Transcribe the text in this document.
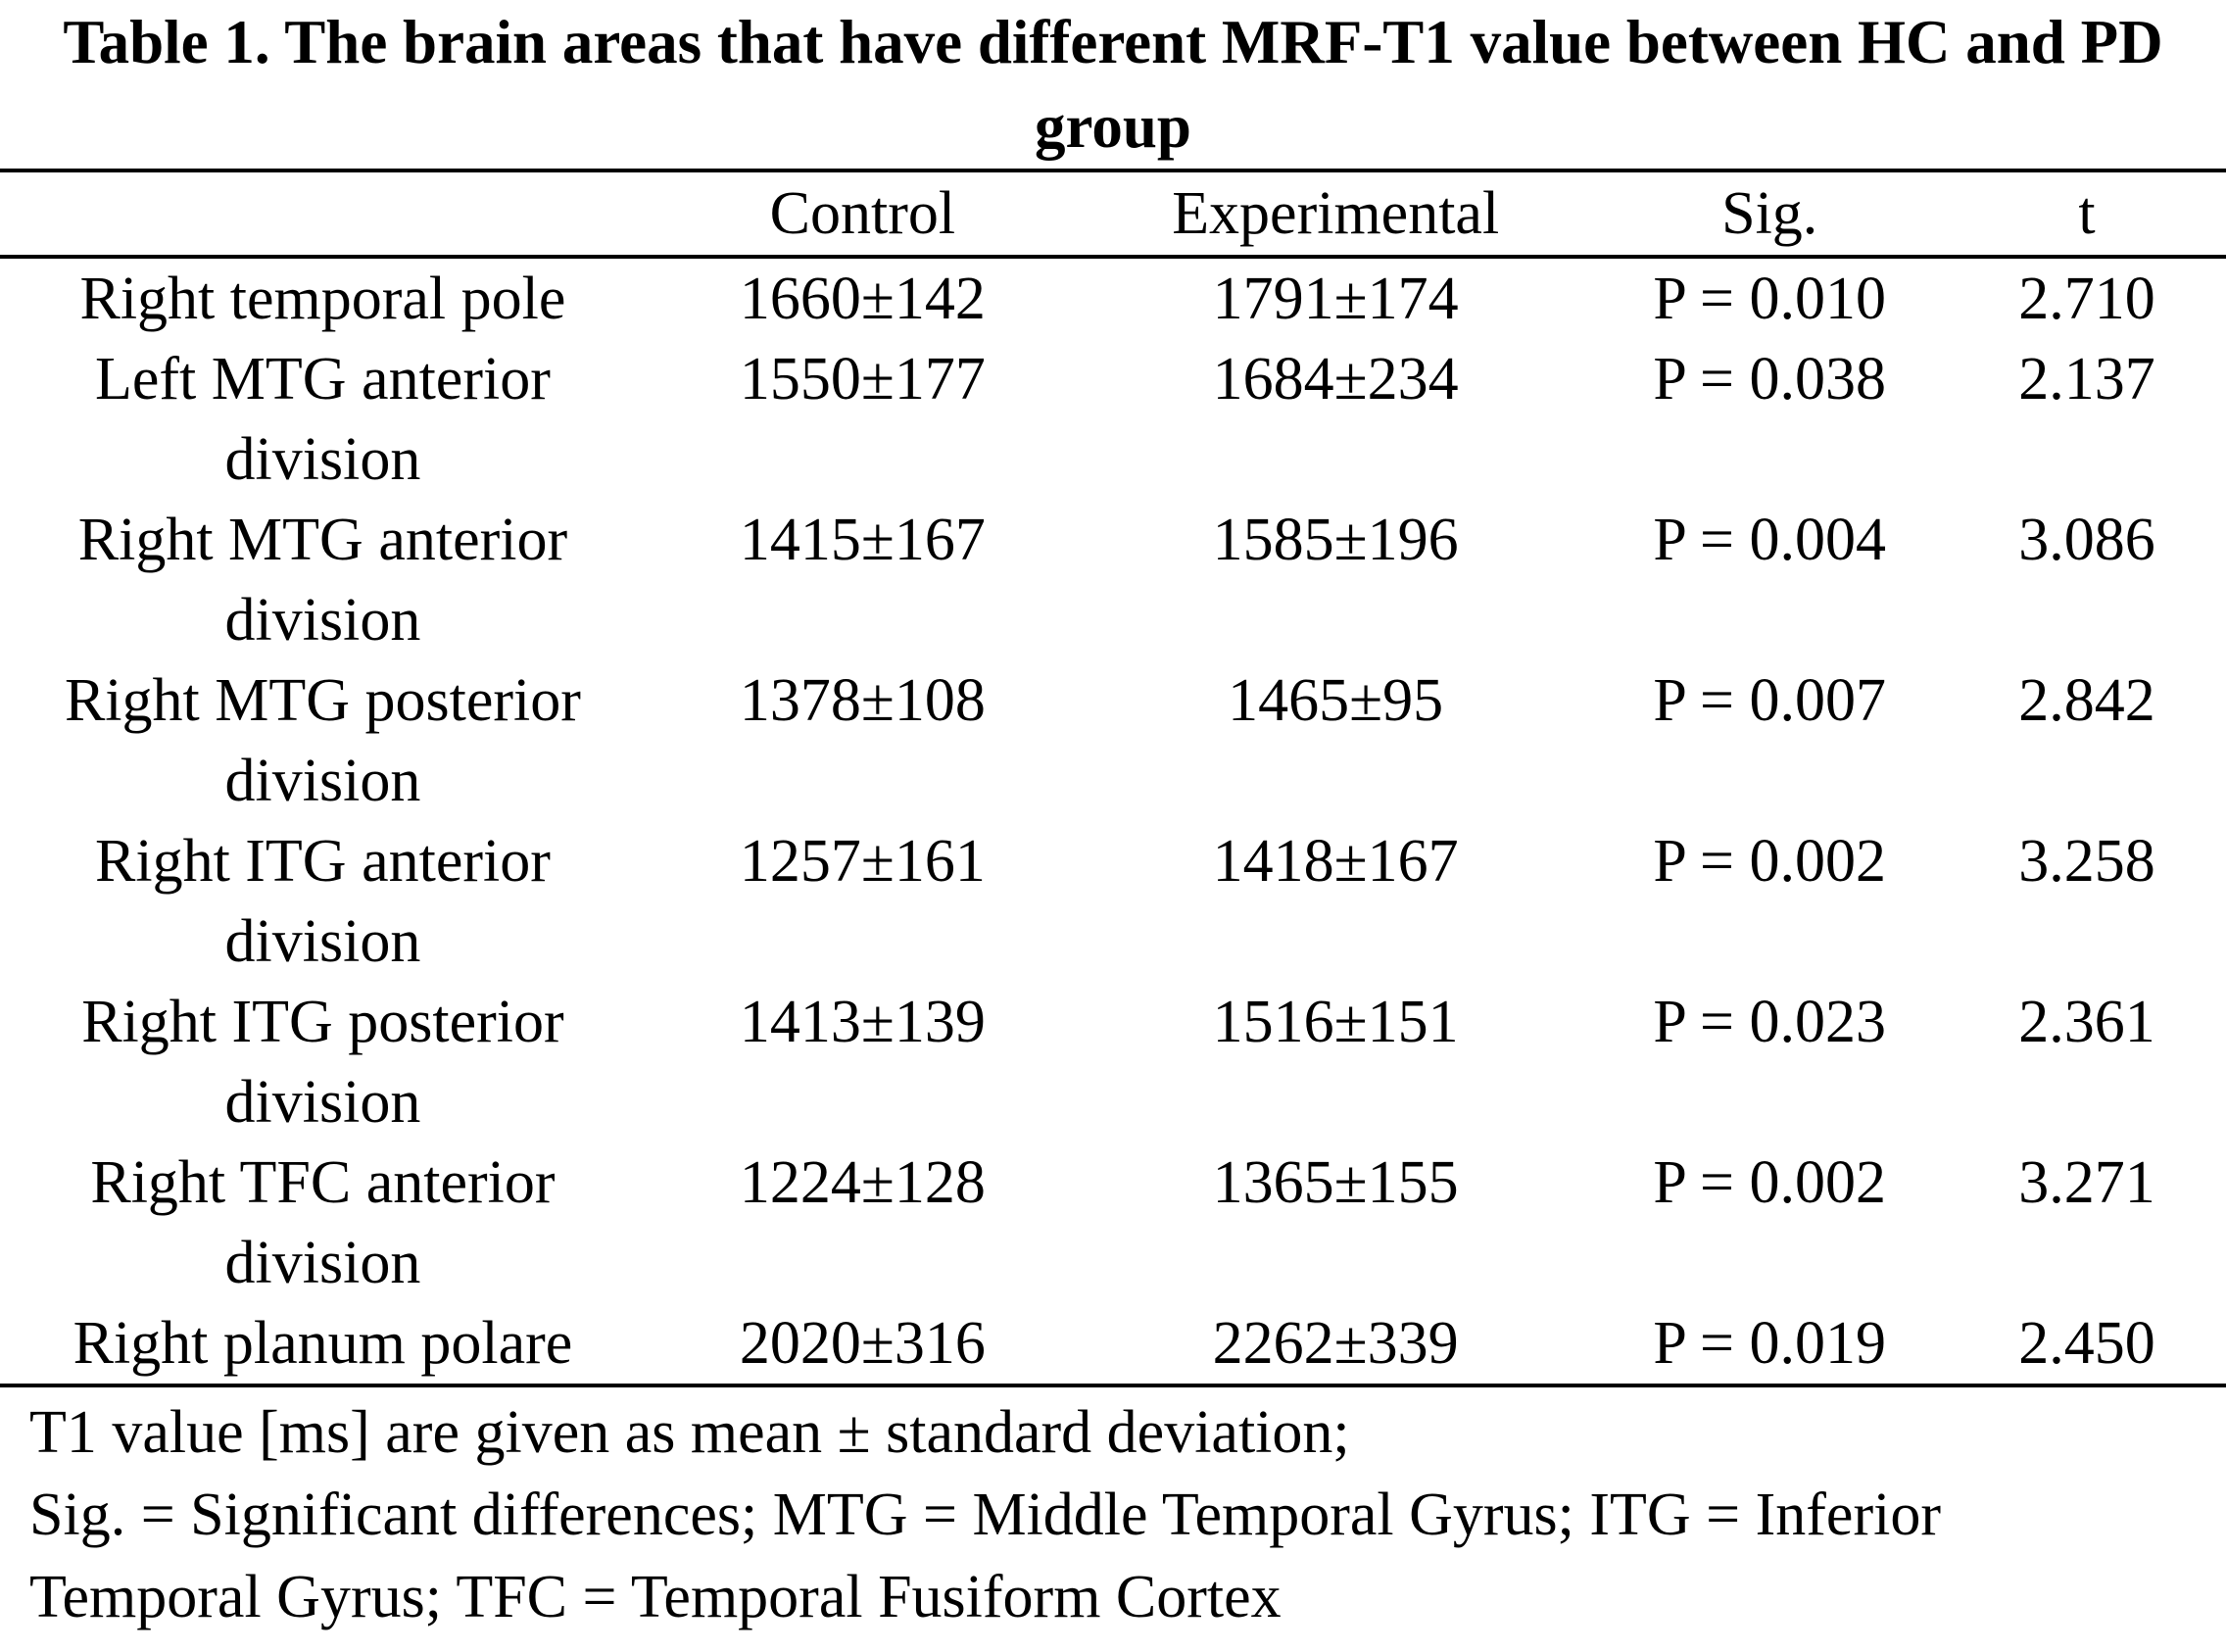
Table 1. The brain areas that have different MRF-T1 value between HC and PD
group
	Control	Experimental	Sig.	t

Right temporal pole	1660±142	1791±174	P = 0.010	2.710

Left MTG anterior
division	1550±177	1684±234	P = 0.038	2.137

Right MTG anterior
division	1415±167	1585±196	P = 0.004	3.086

Right MTG posterior
division	1378±108	1465±95	P = 0.007	2.842

Right ITG anterior
division	1257±161	1418±167	P = 0.002	3.258

Right ITG posterior
division	1413±139	1516±151	P = 0.023	2.361

Right TFC anterior
division	1224±128	1365±155	P = 0.002	3.271

Right planum polare	2020±316	2262±339	P = 0.019	2.450
T1 value [ms] are given as mean ± standard deviation;
Sig. = Significant differences; MTG = Middle Temporal Gyrus; ITG = Inferior
Temporal Gyrus; TFC = Temporal Fusiform Cortex
